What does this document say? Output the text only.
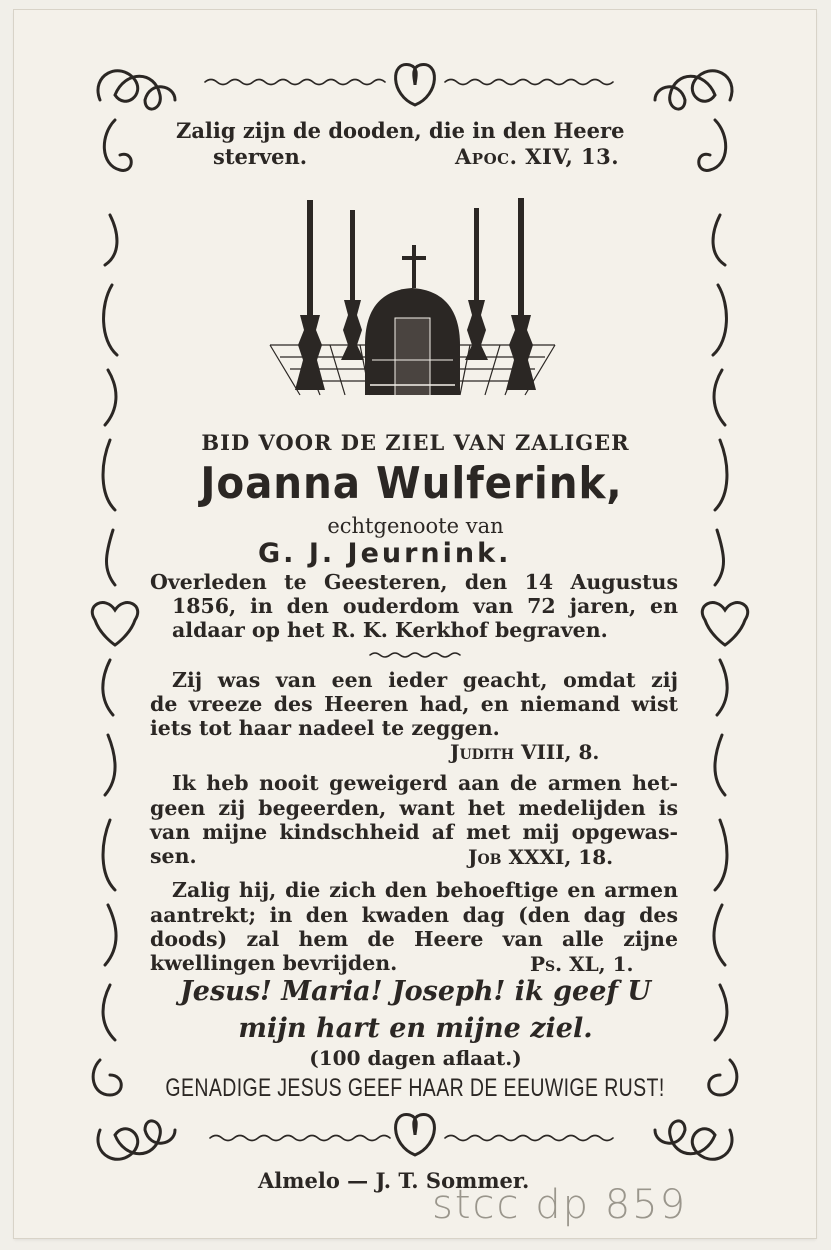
Zalig zijn de dooden, die in den Heere
sterven.	Apoc. XIV, 13.
BID VOOR DE ZIEL VAN ZALIGER
Joanna Wulferink,
echtgenoote van
G. J. Jeurnink.
Overleden te Geesteren, den 14 Augustus
1856, in den ouderdom van 72 jaren, en
aldaar op het R. K. Kerkhof begraven.
Zij was van een ieder geacht, omdat zij
de vreeze des Heeren had, en niemand wist
iets tot haar nadeel te zeggen.
Judith VIII, 8.
Ik heb nooit geweigerd aan de armen het-
geen zij begeerden, want het medelijden is
van mijne kindschheid af met mij opgewas-
sen.	Job XXXI, 18.
Zalig hij, die zich den behoeftige en armen
aantrekt; in den kwaden dag (den dag des
doods) zal hem de Heere van alle zijne
kwellingen bevrijden.	Ps. XL, 1.
Jesus! Maria! Joseph! ik geef U
mijn hart en mijne ziel.
(100 dagen aflaat.)
GENADIGE JESUS GEEF HAAR DE EEUWIGE RUST!
Almelo — J. T. Sommer.
stcc dp 859
